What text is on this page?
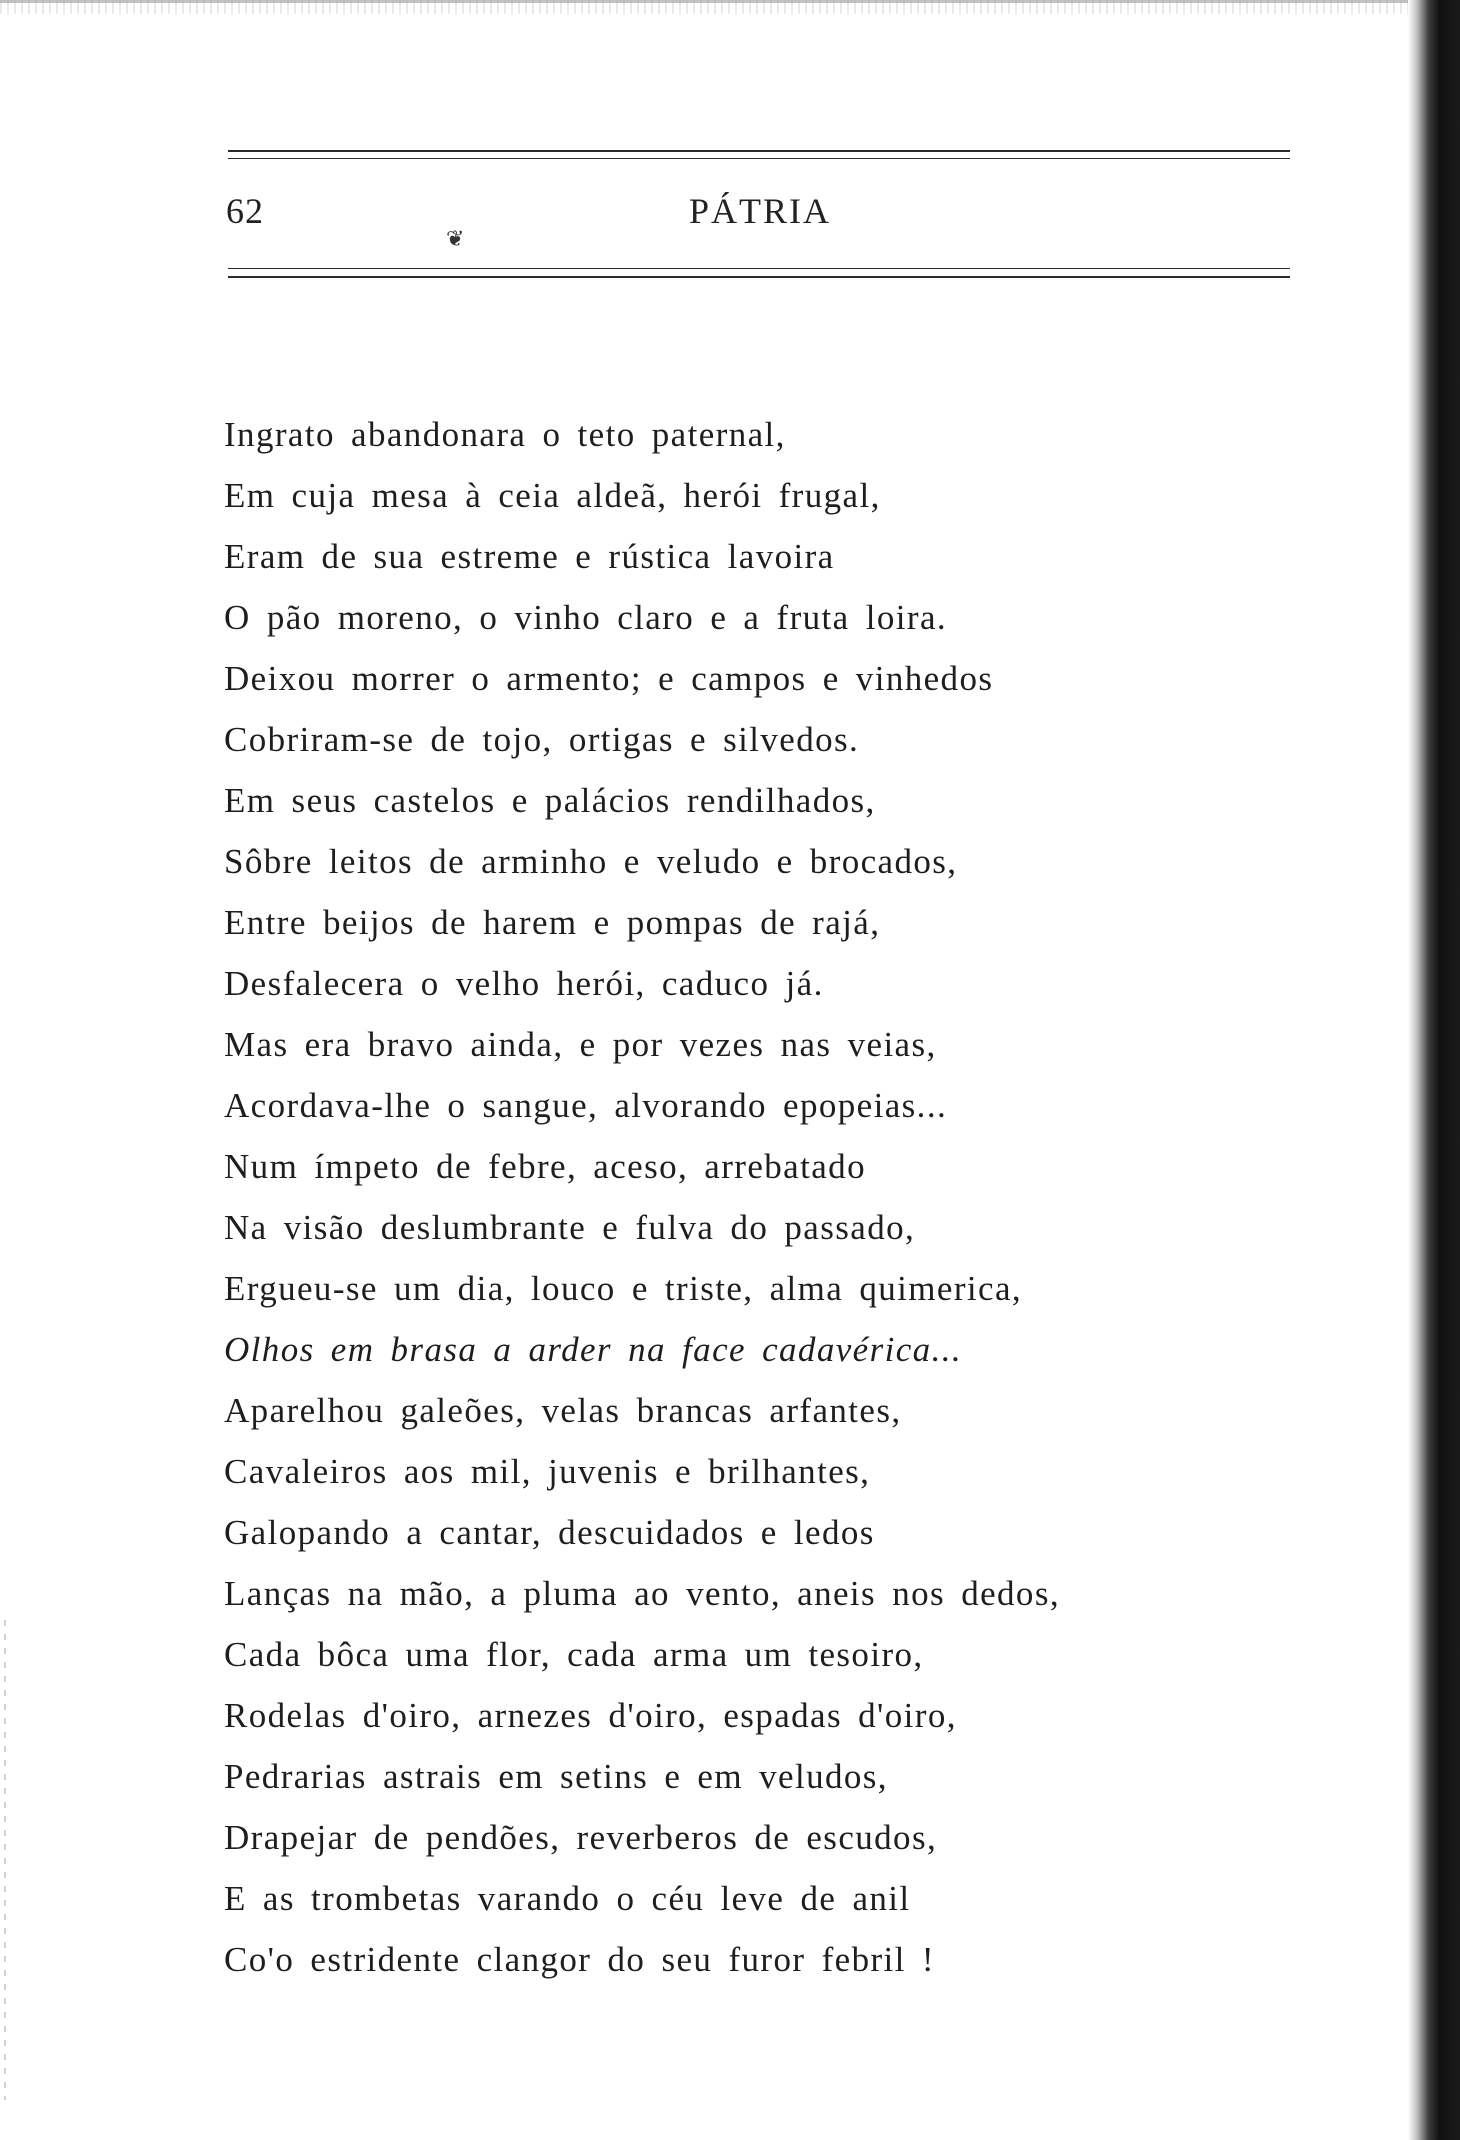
62	PÁTRIA
❦
Ingrato abandonara o teto paternal,
Em cuja mesa à ceia aldeã, herói frugal,
Eram de sua estreme e rústica lavoira
O pão moreno, o vinho claro e a fruta loira.
Deixou morrer o armento; e campos e vinhedos
Cobriram-se de tojo, ortigas e silvedos.
Em seus castelos e palácios rendilhados,
Sôbre leitos de arminho e veludo e brocados,
Entre beijos de harem e pompas de rajá,
Desfalecera o velho herói, caduco já.
Mas era bravo ainda, e por vezes nas veias,
Acordava-lhe o sangue, alvorando epopeias...
Num ímpeto de febre, aceso, arrebatado
Na visão deslumbrante e fulva do passado,
Ergueu-se um dia, louco e triste, alma quimerica,
Olhos em brasa a arder na face cadavérica...
Aparelhou galeões, velas brancas arfantes,
Cavaleiros aos mil, juvenis e brilhantes,
Galopando a cantar, descuidados e ledos
Lanças na mão, a pluma ao vento, aneis nos dedos,
Cada bôca uma flor, cada arma um tesoiro,
Rodelas d'oiro, arnezes d'oiro, espadas d'oiro,
Pedrarias astrais em setins e em veludos,
Drapejar de pendões, reverberos de escudos,
E as trombetas varando o céu leve de anil
Co'o estridente clangor do seu furor febril !
